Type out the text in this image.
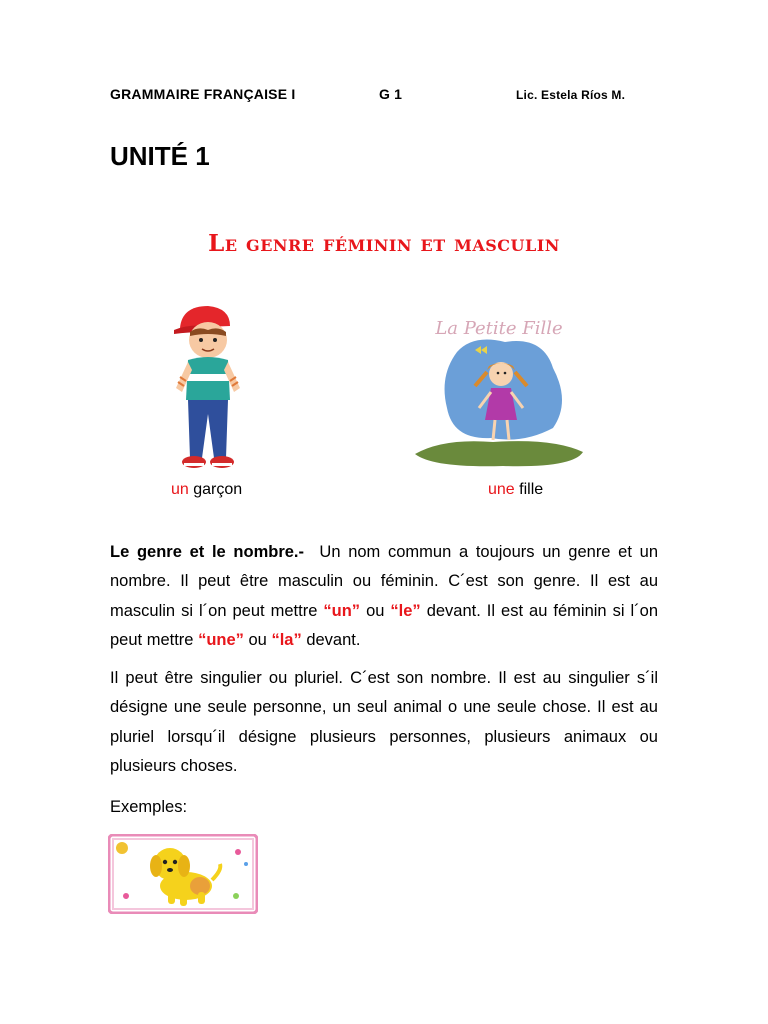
GRAMMAIRE FRANÇAISE I	G 1	Lic. Estela Ríos M.
UNITÉ 1
Le genre féminin et masculin
La Petite Fille
un garçon	une fille
Le genre et le nombre.- Un nom commun a toujours un genre et un nombre. Il peut être masculin ou féminin. C´est son genre. Il est au masculin si l´on peut mettre “un” ou “le” devant. Il est au féminin si l´on peut mettre “une” ou “la” devant.
Il peut être singulier ou pluriel. C´est son nombre. Il est au singulier s´il désigne une seule personne, un seul animal o une seule chose. Il est au pluriel lorsqu´il désigne plusieurs personnes, plusieurs animaux ou plusieurs choses.
Exemples:
